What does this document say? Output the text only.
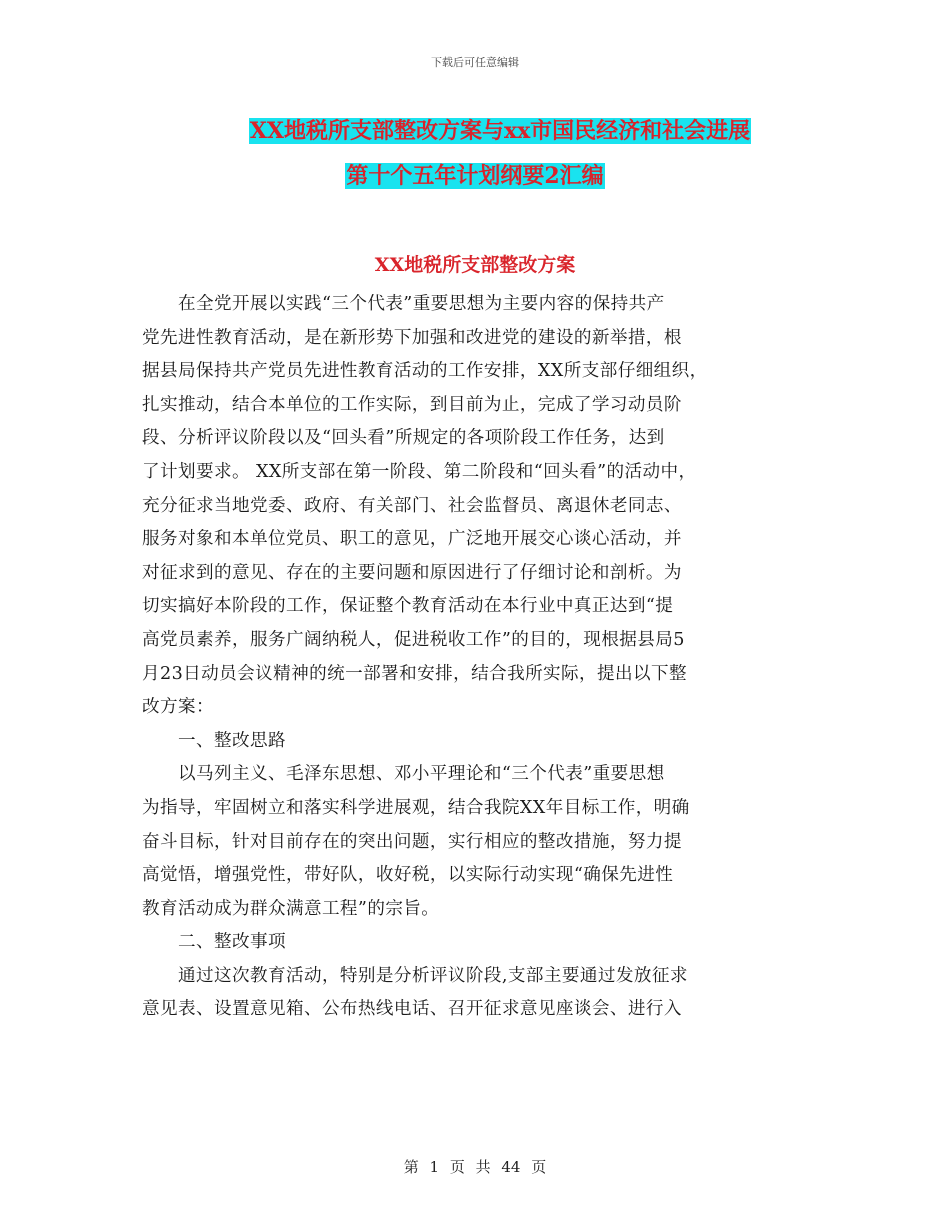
下载后可任意编辑
XX地税所支部整改方案与xx市国民经济和社会进展
第十个五年计划纲要2汇编
XX地税所支部整改方案
　　在全党开展以实践“三个代表”重要思想为主要内容的保持共产
党先进性教育活动，是在新形势下加强和改进党的建设的新举措，根
据县局保持共产党员先进性教育活动的工作安排，XX所支部仔细组织，
扎实推动，结合本单位的工作实际，到目前为止，完成了学习动员阶
段、分析评议阶段以及“回头看”所规定的各项阶段工作任务，达到
了计划要求。 XX所支部在第一阶段、第二阶段和“回头看”的活动中，
充分征求当地党委、政府、有关部门、社会监督员、离退休老同志、
服务对象和本单位党员、职工的意见，广泛地开展交心谈心活动，并
对征求到的意见、存在的主要问题和原因进行了仔细讨论和剖析。为
切实搞好本阶段的工作，保证整个教育活动在本行业中真正达到“提
高党员素养，服务广阔纳税人，促进税收工作”的目的，现根据县局5
月23日动员会议精神的统一部署和安排，结合我所实际，提出以下整
改方案：
　　一、整改思路
　　以马列主义、毛泽东思想、邓小平理论和“三个代表”重要思想
为指导，牢固树立和落实科学进展观，结合我院XX年目标工作，明确
奋斗目标，针对目前存在的突出问题，实行相应的整改措施，努力提
高觉悟，增强党性，带好队，收好税，以实际行动实现“确保先进性
教育活动成为群众满意工程”的宗旨。
　　二、整改事项
　　通过这次教育活动，特别是分析评议阶段,支部主要通过发放征求
意见表、设置意见箱、公布热线电话、召开征求意见座谈会、进行入
第 1 页 共 44 页
